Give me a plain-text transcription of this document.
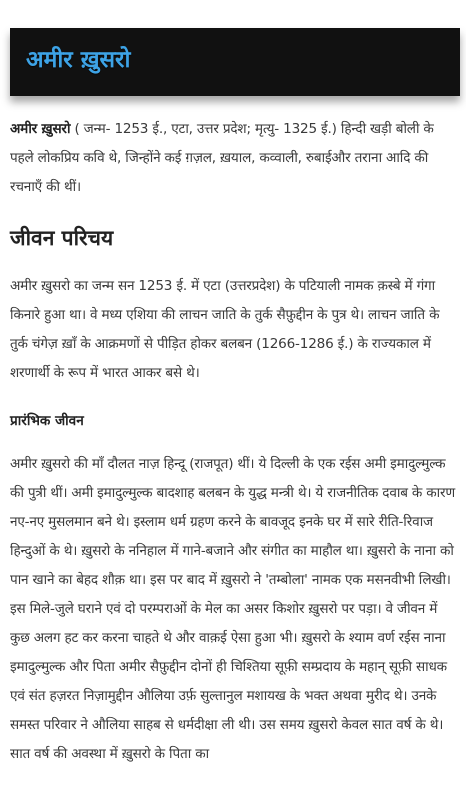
अमीर ख़ुसरो

अमीर ख़ुसरो ( जन्म- 1253 ई., एटा, उत्तर प्रदेश; मृत्यु- 1325 ई.) हिन्दी खड़ी बोली के पहले लोकप्रिय कवि थे, जिन्होंने कई ग़ज़ल, ख़याल, कव्वाली, रुबाईऔर तराना आदि की रचनाएँ की थीं।

जीवन परिचय

अमीर ख़ुसरो का जन्म सन 1253 ई. में एटा (उत्तरप्रदेश) के पटियाली नामक क़स्बे में गंगा किनारे हुआ था। वे मध्य एशिया की लाचन जाति के तुर्क सैफ़ुद्दीन के पुत्र थे। लाचन जाति के तुर्क चंगेज़ ख़ाँ के आक्रमणों से पीड़ित होकर बलबन (1266-1286 ई.) के राज्यकाल में शरणार्थी के रूप में भारत आकर बसे थे।

प्रारंभिक जीवन

अमीर ख़ुसरो की माँ दौलत नाज़ हिन्दू (राजपूत) थीं। ये दिल्ली के एक रईस अमी इमादुल्मुल्क की पुत्री थीं। अमी इमादुल्मुल्क बादशाह बलबन के युद्ध मन्त्री थे। ये राजनीतिक दवाब के कारण नए-नए मुसलमान बने थे। इस्लाम धर्म ग्रहण करने के बावजूद इनके घर में सारे रीति-रिवाज हिन्दुओं के थे। ख़ुसरो के ननिहाल में गाने-बजाने और संगीत का माहौल था। ख़ुसरो के नाना को पान खाने का बेहद शौक़ था। इस पर बाद में ख़ुसरो ने 'तम्बोला' नामक एक मसनवीभी लिखी। इस मिले-जुले घराने एवं दो परम्पराओं के मेल का असर किशोर ख़ुसरो पर पड़ा। वे जीवन में कुछ अलग हट कर करना चाहते थे और वाक़ई ऐसा हुआ भी। ख़ुसरो के श्याम वर्ण रईस नाना इमादुल्मुल्क और पिता अमीर सैफ़ुद्दीन दोनों ही चिश्तिया सूफ़ी सम्प्रदाय के महान् सूफ़ी साधक एवं संत हज़रत निज़ामुद्दीन औलिया उर्फ़ सुल्तानुल मशायख के भक्त अथवा मुरीद थे। उनके समस्त परिवार ने औलिया साहब से धर्मदीक्षा ली थी। उस समय ख़ुसरो केवल सात वर्ष के थे। सात वर्ष की अवस्था में ख़ुसरो के पिता का
